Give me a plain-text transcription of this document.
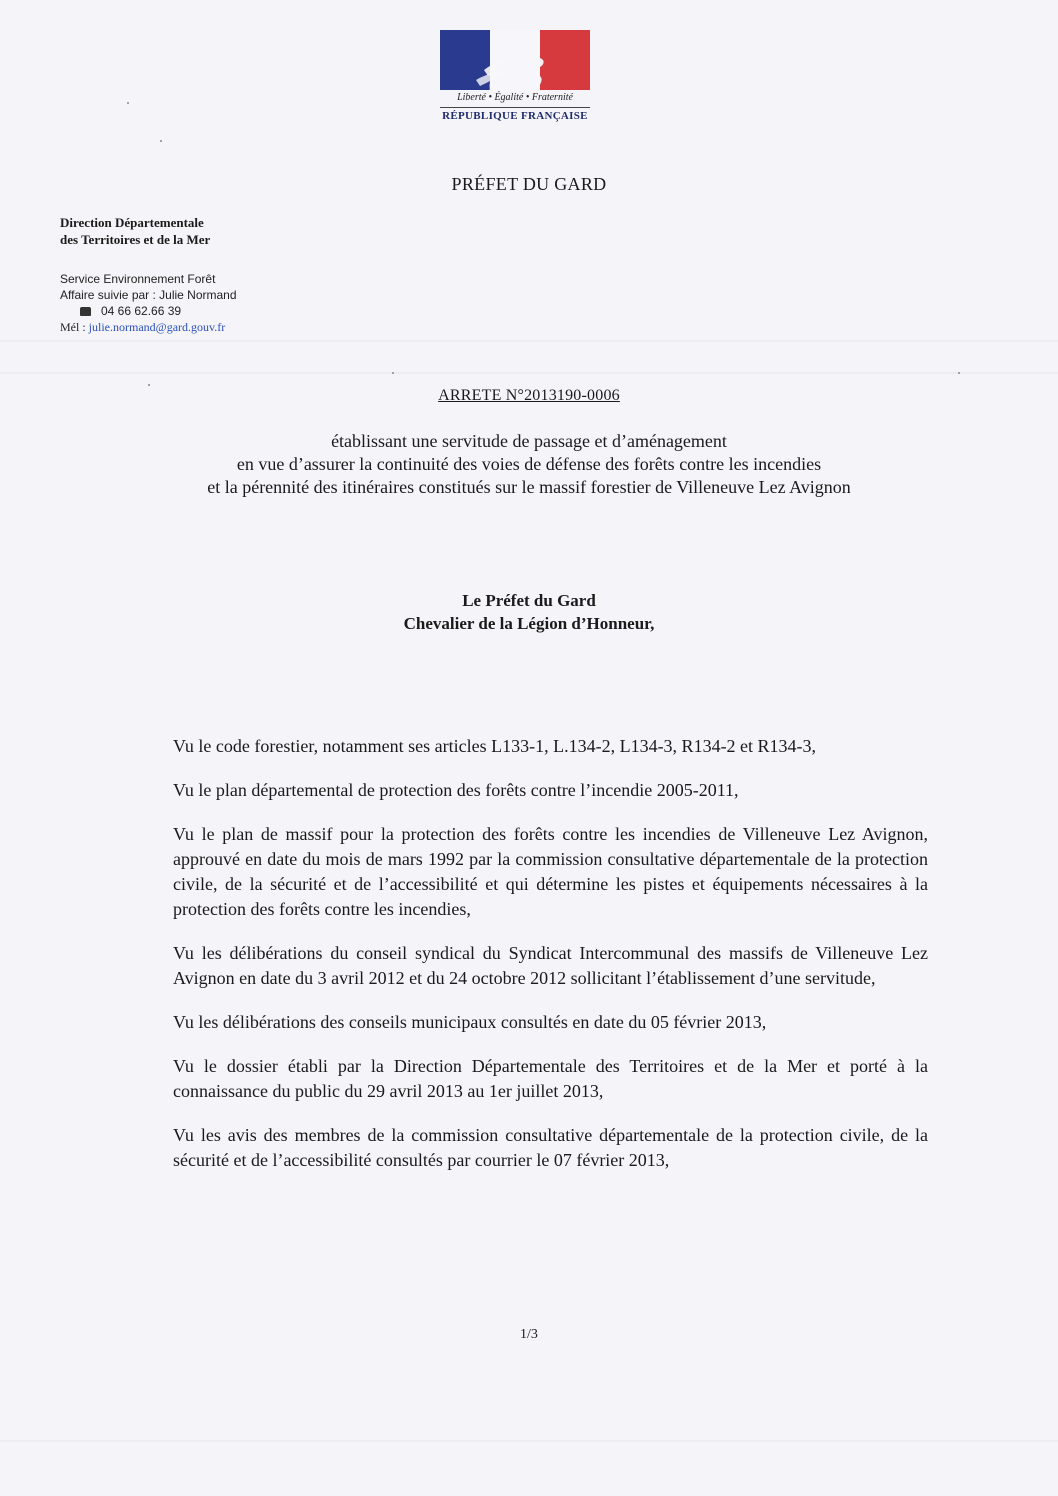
Liberté • Égalité • Fraternité
RÉPUBLIQUE FRANÇAISE
PRÉFET DU GARD
Direction Départementale
des Territoires et de la Mer
Service Environnement Forêt
Affaire suivie par : Julie Normand
04 66 62.66 39
Mél : julie.normand@gard.gouv.fr
ARRETE N°2013190-0006
établissant une servitude de passage et d’aménagement
en vue d’assurer la continuité des voies de défense des forêts contre les incendies
et la pérennité des itinéraires constitués sur le massif forestier de Villeneuve Lez Avignon
Le Préfet du Gard
Chevalier de la Légion d’Honneur,

Vu le code forestier, notamment ses articles L133-1, L.134-2, L134-3, R134-2 et R134-3,

Vu le plan départemental de protection des forêts contre l’incendie 2005-2011,

Vu le plan de massif pour la protection des forêts contre les incendies de Villeneuve Lez Avignon, approuvé en date du mois de mars 1992 par la commission consultative départementale de la protection civile, de la sécurité et de l’accessibilité et qui détermine les pistes et équipements nécessaires à la protection des forêts contre les incendies,

Vu les délibérations du conseil syndical du Syndicat Intercommunal des massifs de Villeneuve Lez Avignon en date du 3 avril 2012 et du 24 octobre 2012 sollicitant l’établissement d’une servitude,

Vu les délibérations des conseils municipaux consultés en date du 05 février 2013,

Vu le dossier établi par la Direction Départementale des Territoires et de la Mer et porté à la connaissance du public du 29 avril 2013 au 1er juillet 2013,

Vu les avis des membres de la commission consultative départementale de la protection civile, de la sécurité et de l’accessibilité consultés par courrier le 07 février 2013,

1/3
